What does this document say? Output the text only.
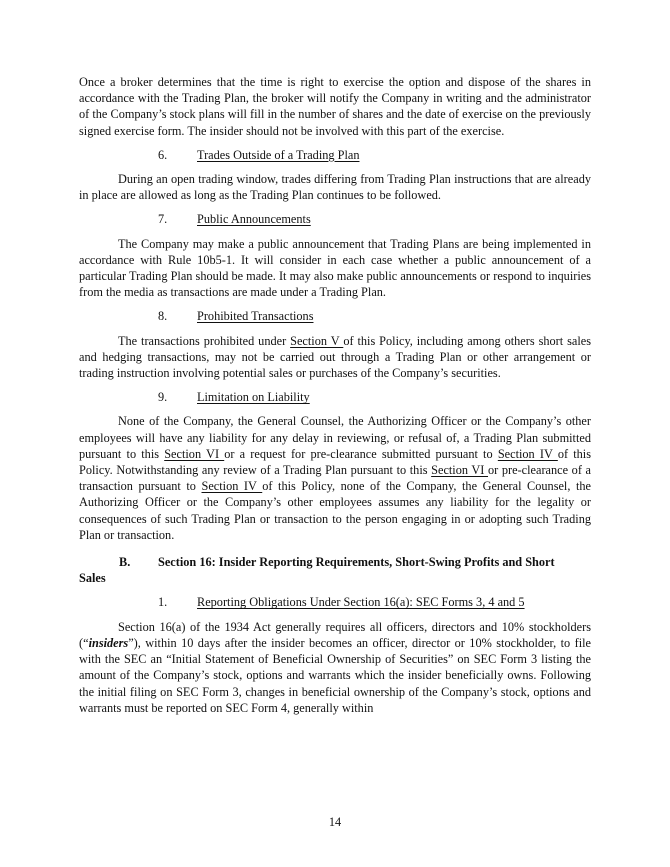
Once a broker determines that the time is right to exercise the option and dispose of the shares in accordance with the Trading Plan, the broker will notify the Company in writing and the administrator of the Company’s stock plans will fill in the number of shares and the date of exercise on the previously signed exercise form. The insider should not be involved with this part of the exercise.

6.	Trades Outside of a Trading Plan

During an open trading window, trades differing from Trading Plan instructions that are already in place are allowed as long as the Trading Plan continues to be followed.

7.	Public Announcements

The Company may make a public announcement that Trading Plans are being implemented in accordance with Rule 10b5-1. It will consider in each case whether a public announcement of a particular Trading Plan should be made. It may also make public announcements or respond to inquiries from the media as transactions are made under a Trading Plan.

8.	Prohibited Transactions

The transactions prohibited under Section V of this Policy, including among others short sales and hedging transactions, may not be carried out through a Trading Plan or other arrangement or trading instruction involving potential sales or purchases of the Company’s securities.

9.	Limitation on Liability

None of the Company, the General Counsel, the Authorizing Officer or the Company’s other employees will have any liability for any delay in reviewing, or refusal of, a Trading Plan submitted pursuant to this Section VI or a request for pre-clearance submitted pursuant to Section IV of this Policy. Notwithstanding any review of a Trading Plan pursuant to this Section VI or pre-clearance of a transaction pursuant to Section IV of this Policy, none of the Company, the General Counsel, the Authorizing Officer or the Company’s other employees assumes any liability for the legality or consequences of such Trading Plan or transaction to the person engaging in or adopting such Trading Plan or transaction.

B.	Section 16: Insider Reporting Requirements, Short-Swing Profits and Short
Sales
1.	Reporting Obligations Under Section 16(a): SEC Forms 3, 4 and 5

Section 16(a) of the 1934 Act generally requires all officers, directors and 10% stockholders (“insiders”), within 10 days after the insider becomes an officer, director or 10% stockholder, to file with the SEC an “Initial Statement of Beneficial Ownership of Securities” on SEC Form 3 listing the amount of the Company’s stock, options and warrants which the insider beneficially owns. Following the initial filing on SEC Form 3, changes in beneficial ownership of the Company’s stock, options and warrants must be reported on SEC Form 4, generally within

14
